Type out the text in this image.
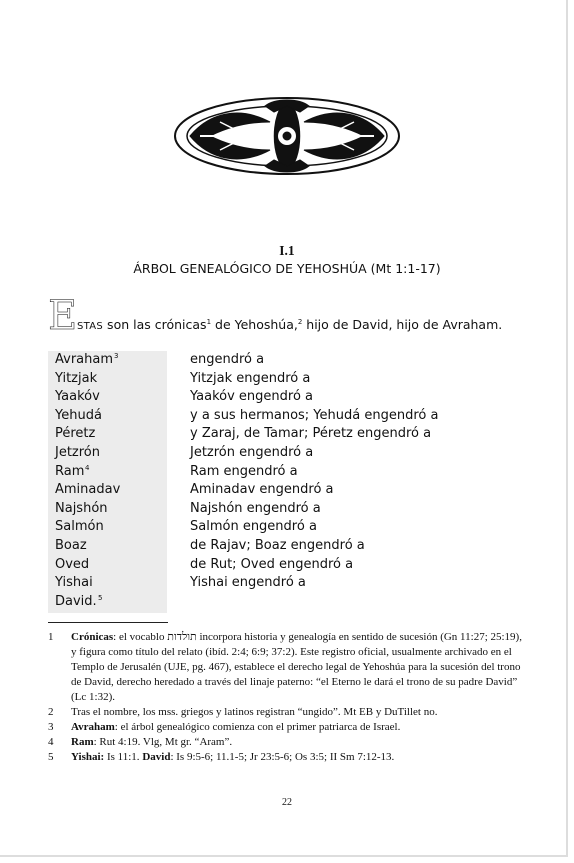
I.1
ÁRBOL GENEALÓGICO DE YEHOSHÚA (Mt 1:1-17)
E STAS son las crónicas$^1$ de Yehoshúa,$^2$ hijo de David, hijo de Avraham.
Avraham 3	engendró a
Yitzjak	Yitzjak engendró a
Yaakóv	Yaakóv engendró a
Yehudá	y a sus hermanos; Yehudá engendró a
Péretz	y Zaraj, de Tamar; Péretz engendró a
Jetzrón	Jetzrón engendró a
Ram 4	Ram engendró a
Aminadav	Aminadav engendró a
Najshón	Najshón engendró a
Salmón	Salmón engendró a
Boaz	de Rajav; Boaz engendró a
Oved	de Rut; Oved engendró a
Yishai	Yishai engendró a
David. 5
1 Crónicas: el vocablo תולדות incorpora historia y genealogía en sentido de sucesión (Gn 11:27; 25:19), y figura como título del relato (ibíd. 2:4; 6:9; 37:2). Este registro oficial, usualmente archivado en el Templo de Jerusalén (UJE, pg. 467), establece el derecho legal de Yehoshúa para la sucesión del trono de David, derecho heredado a través del linaje paterno: “el Eterno le dará el trono de su padre David” (Lc 1:32).
2 Tras el nombre, los mss. griegos y latinos registran “ungido”. Mt EB y DuTillet no.
3 Avraham: el árbol genealógico comienza con el primer patriarca de Israel.
4 Ram: Rut 4:19. Vlg, Mt gr. “Aram”.
5 Yishai: Is 11:1. David: Is 9:5-6; 11.1-5; Jr 23:5-6; Os 3:5; II Sm 7:12-13.
22
